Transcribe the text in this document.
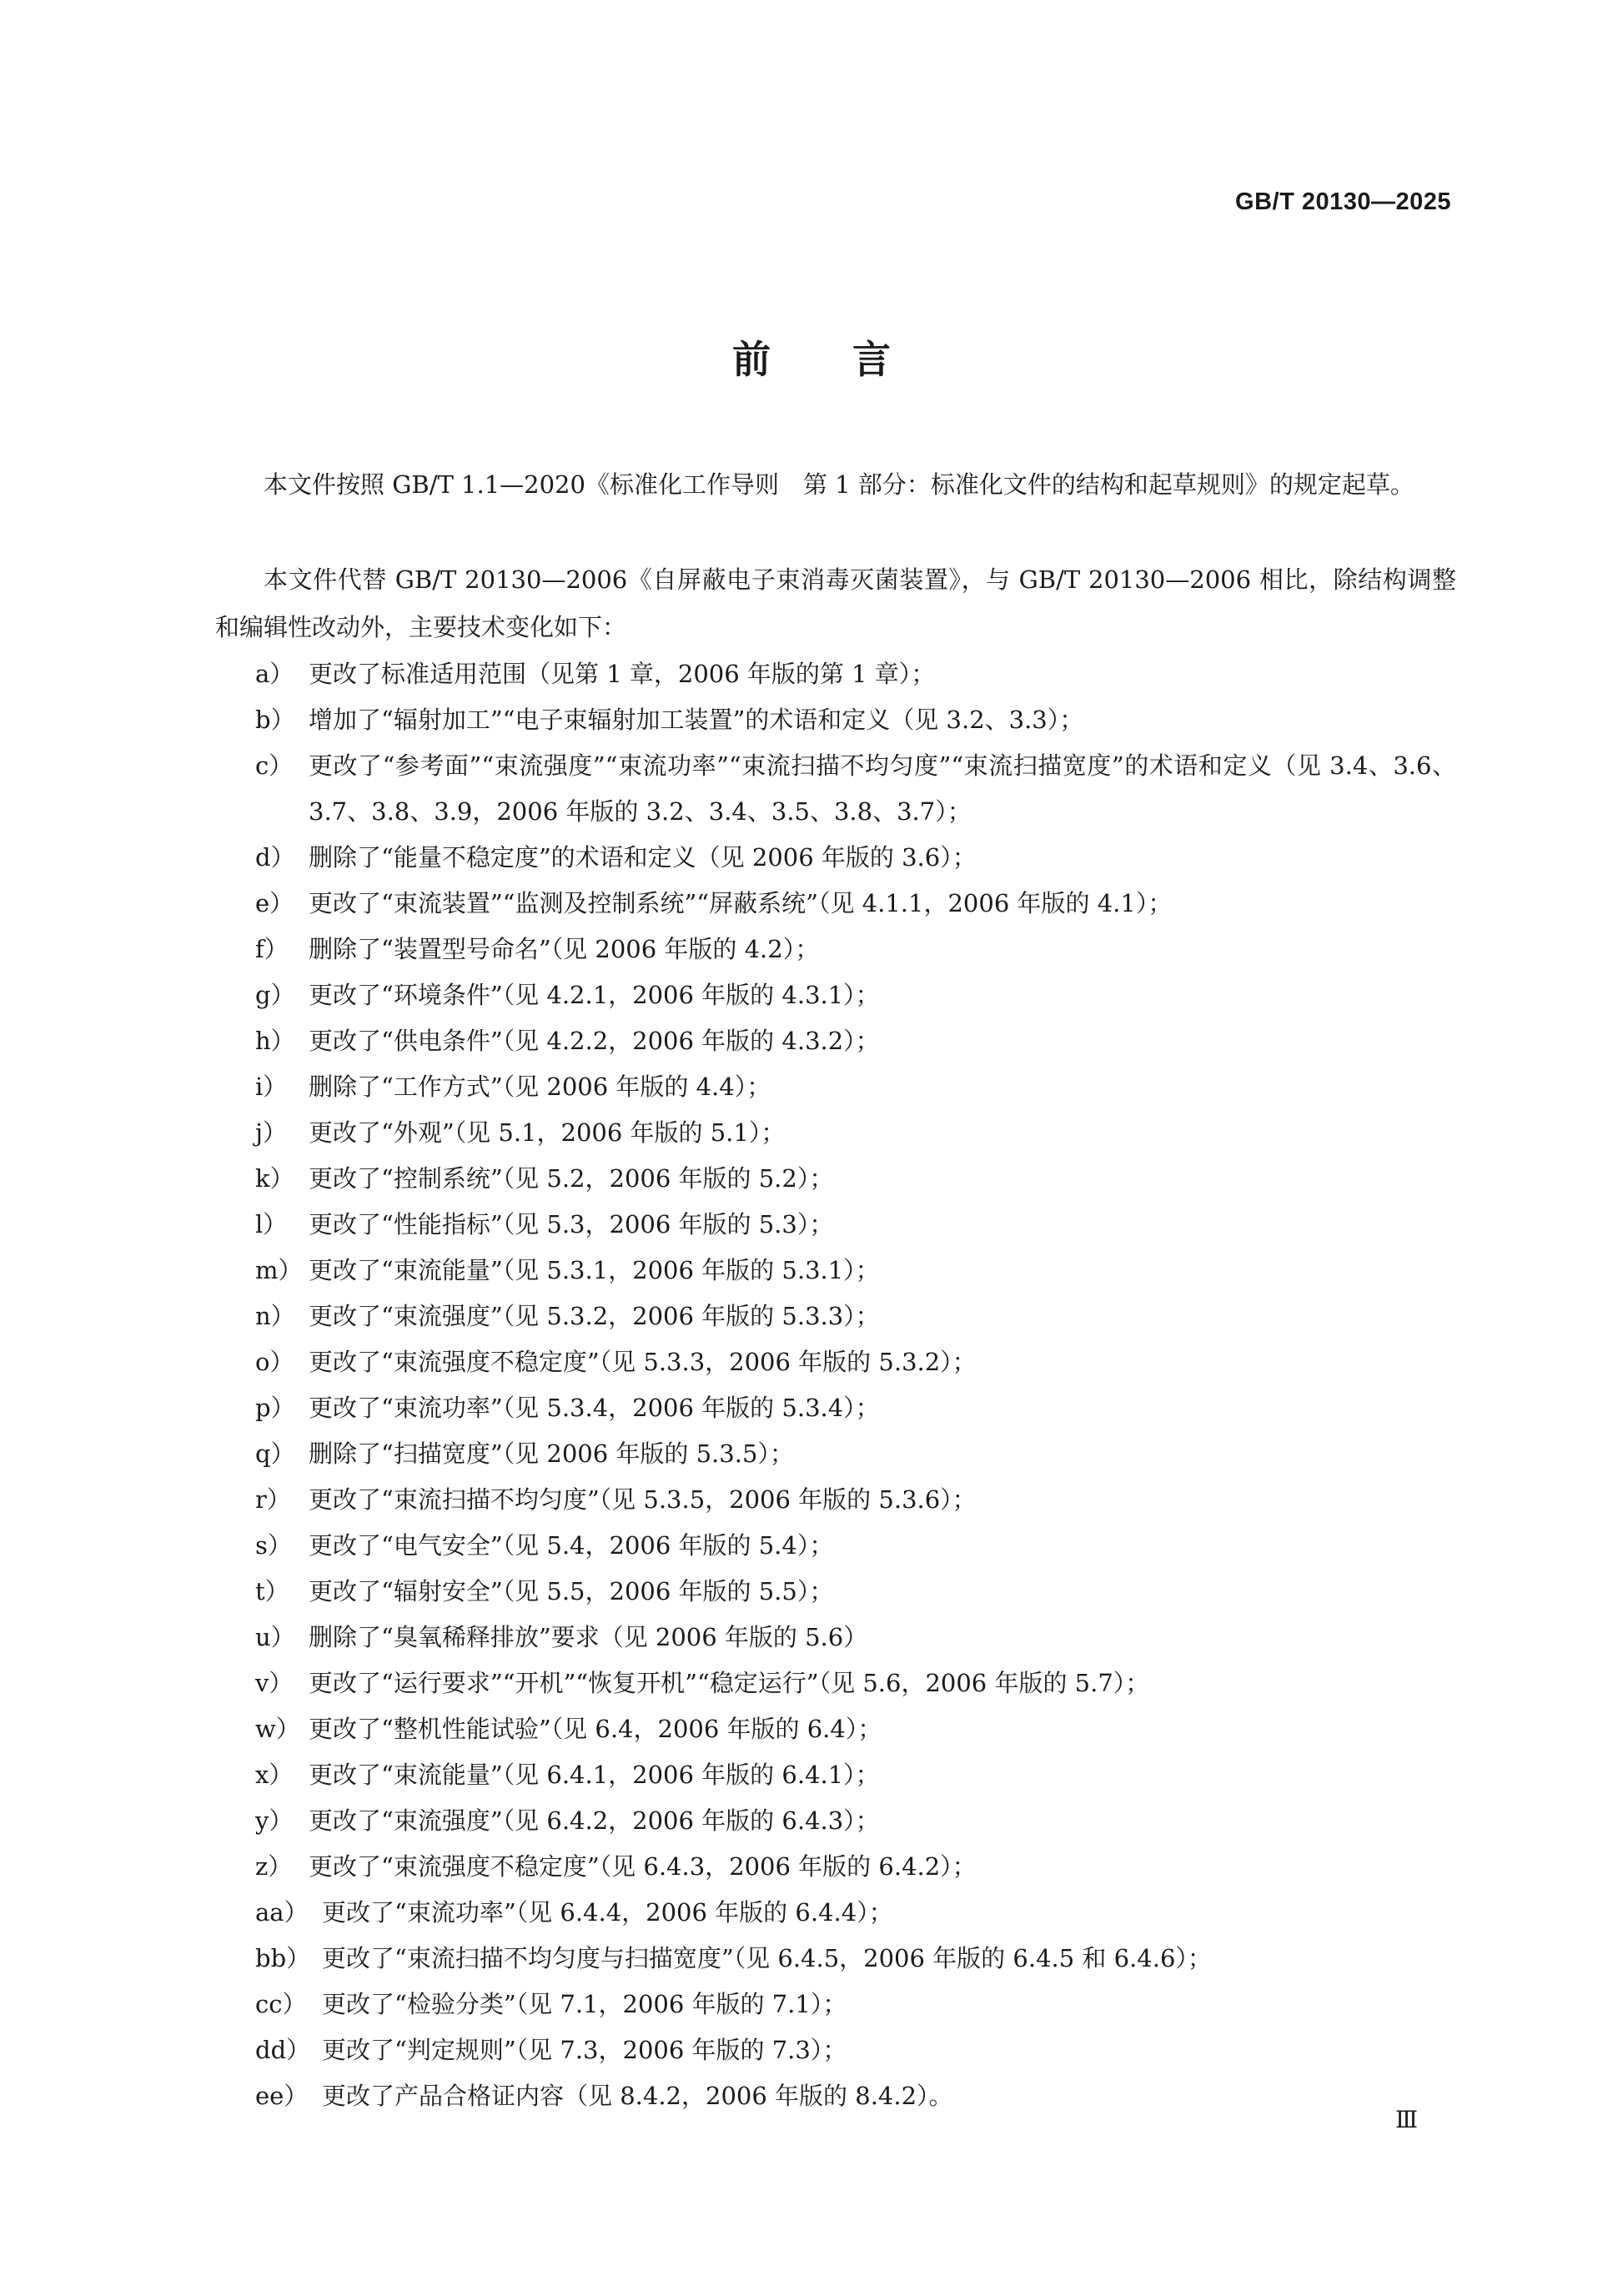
GB/T 20130—2025
前 言
本文件按照 GB/T 1.1—2020《标准化工作导则　第 1 部分：标准化文件的结构和起草规则》的规定起草。
本文件代替 GB/T 20130—2006《自屏蔽电子束消毒灭菌装置》，与 GB/T 20130—2006 相比，除结构调整和编辑性改动外，主要技术变化如下：
a） 更改了标准适用范围（见第 1 章，2006 年版的第 1 章）；
b） 增加了“辐射加工”“电子束辐射加工装置”的术语和定义（见 3.2、3.3）；
c） 更改了“参考面”“束流强度”“束流功率”“束流扫描不均匀度”“束流扫描宽度”的术语和定义（见 3.4、3.6、3.7、3.8、3.9，2006 年版的 3.2、3.4、3.5、3.8、3.7）；
d） 删除了“能量不稳定度”的术语和定义（见 2006 年版的 3.6）；
e） 更改了“束流装置”“监测及控制系统”“屏蔽系统”（见 4.1.1，2006 年版的 4.1）；
f） 删除了“装置型号命名”（见 2006 年版的 4.2）；
g） 更改了“环境条件”（见 4.2.1，2006 年版的 4.3.1）；
h） 更改了“供电条件”（见 4.2.2，2006 年版的 4.3.2）；
i） 删除了“工作方式”（见 2006 年版的 4.4）；
j） 更改了“外观”（见 5.1，2006 年版的 5.1）；
k） 更改了“控制系统”（见 5.2，2006 年版的 5.2）；
l） 更改了“性能指标”（见 5.3，2006 年版的 5.3）；
m） 更改了“束流能量”（见 5.3.1，2006 年版的 5.3.1）；
n） 更改了“束流强度”（见 5.3.2，2006 年版的 5.3.3）；
o） 更改了“束流强度不稳定度”（见 5.3.3，2006 年版的 5.3.2）；
p） 更改了“束流功率”（见 5.3.4，2006 年版的 5.3.4）；
q） 删除了“扫描宽度”（见 2006 年版的 5.3.5）；
r） 更改了“束流扫描不均匀度”（见 5.3.5，2006 年版的 5.3.6）；
s） 更改了“电气安全”（见 5.4，2006 年版的 5.4）；
t） 更改了“辐射安全”（见 5.5，2006 年版的 5.5）；
u） 删除了“臭氧稀释排放”要求（见 2006 年版的 5.6）
v） 更改了“运行要求”“开机”“恢复开机”“稳定运行”（见 5.6，2006 年版的 5.7）；
w） 更改了“整机性能试验”（见 6.4，2006 年版的 6.4）；
x） 更改了“束流能量”（见 6.4.1，2006 年版的 6.4.1）；
y） 更改了“束流强度”（见 6.4.2，2006 年版的 6.4.3）；
z） 更改了“束流强度不稳定度”（见 6.4.3，2006 年版的 6.4.2）；
aa） 更改了“束流功率”（见 6.4.4，2006 年版的 6.4.4）；
bb） 更改了“束流扫描不均匀度与扫描宽度”（见 6.4.5，2006 年版的 6.4.5 和 6.4.6）；
cc） 更改了“检验分类”（见 7.1，2006 年版的 7.1）；
dd） 更改了“判定规则”（见 7.3，2006 年版的 7.3）；
ee） 更改了产品合格证内容（见 8.4.2，2006 年版的 8.4.2）。
Ⅲ
